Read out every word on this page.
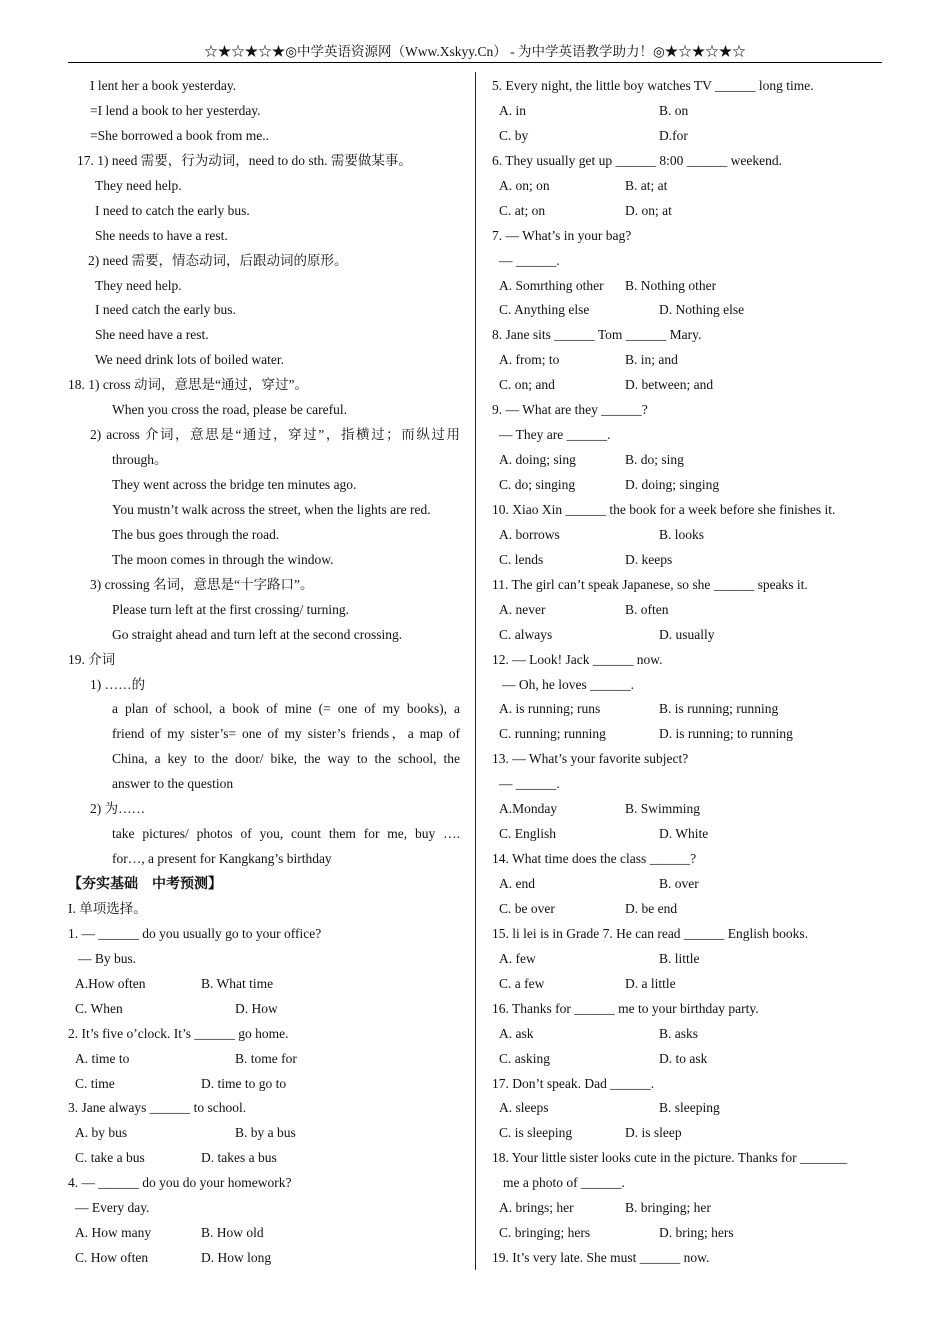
☆★☆★☆★◎中学英语资源网（Www.Xskyy.Cn） - 为中学英语教学助力！◎★☆★☆★☆
I lent her a book yesterday.
=I lend a book to her yesterday.
=She borrowed a book from me..
17. 1) need 需要，行为动词，need to do sth. 需要做某事。
They need help.
I need to catch the early bus.
She needs to have a rest.
2) need 需要，情态动词，后跟动词的原形。
They need help.
I need catch the early bus.
She need have a rest.
We need drink lots of boiled water.
18. 1) cross 动词，意思是“通过，穿过”。
When you cross the road, please be careful.
2) across 介词，意思是“通过，穿过”，指横过；而纵过用
through。
They went across the bridge ten minutes ago.
You mustn’t walk across the street, when the lights are red.
The bus goes through the road.
The moon comes in through the window.
3) crossing 名词，意思是“十字路口”。
Please turn left at the first crossing/ turning.
Go straight ahead and turn left at the second crossing.
19. 介词
1) ……的
a plan of school, a book of mine (= one of my books), a
friend of my sister’s= one of my sister’s friends，a map of
China, a key to the door/ bike, the way to the school, the
answer to the question
2) 为……
take pictures/ photos of you, count them for me, buy ….
for…, a present for Kangkang’s birthday
【夯实基础　中考预测】
I. 单项选择。
1. — ______ do you usually go to your office?
— By bus.
A.How often	B. What time
C. When	D. How
2. It’s five o’clock. It’s ______ go home.
A. time to	B. tome for
C. time	D. time to go to
3. Jane always ______ to school.
A. by bus	B. by a bus
C. take a bus	D. takes a bus
4. — ______ do you do your homework?
— Every day.
A. How many	B. How old
C. How often	D. How long
5. Every night, the little boy watches TV ______ long time.
A. in	B. on
C. by	D.for
6. They usually get up ______ 8:00 ______ weekend.
A. on; on	B. at; at
C. at; on	D. on; at
7. — What’s in your bag?
— ______.
A. Somrthing other	B. Nothing other
C. Anything else	D. Nothing else
8. Jane sits ______ Tom ______ Mary.
A. from; to	B. in; and
C. on; and	D. between; and
9. — What are they ______?
— They are ______.
A. doing; sing	B. do; sing
C. do; singing	D. doing; singing
10. Xiao Xin ______ the book for a week before she finishes it.
A. borrows	B. looks
C. lends	D. keeps
11. The girl can’t speak Japanese, so she ______ speaks it.
A. never	B. often
C. always	D. usually
12. — Look! Jack ______ now.
— Oh, he loves ______.
A. is running; runs	B. is running; running
C. running; running	D. is running; to running
13. — What’s your favorite subject?
— ______.
A.Monday	B. Swimming
C. English	D. White
14. What time does the class ______?
A. end	B. over
C. be over	D. be end
15. li lei is in Grade 7. He can read ______ English books.
A. few	B. little
C. a few	D. a little
16. Thanks for ______ me to your birthday party.
A. ask	B. asks
C. asking	D. to ask
17. Don’t speak. Dad ______.
A. sleeps	B. sleeping
C. is sleeping	D. is sleep
18. Your little sister looks cute in the picture. Thanks for _______
me a photo of ______.
A. brings; her	B. bringing; her
C. bringing; hers	D. bring; hers
19. It’s very late. She must ______ now.
